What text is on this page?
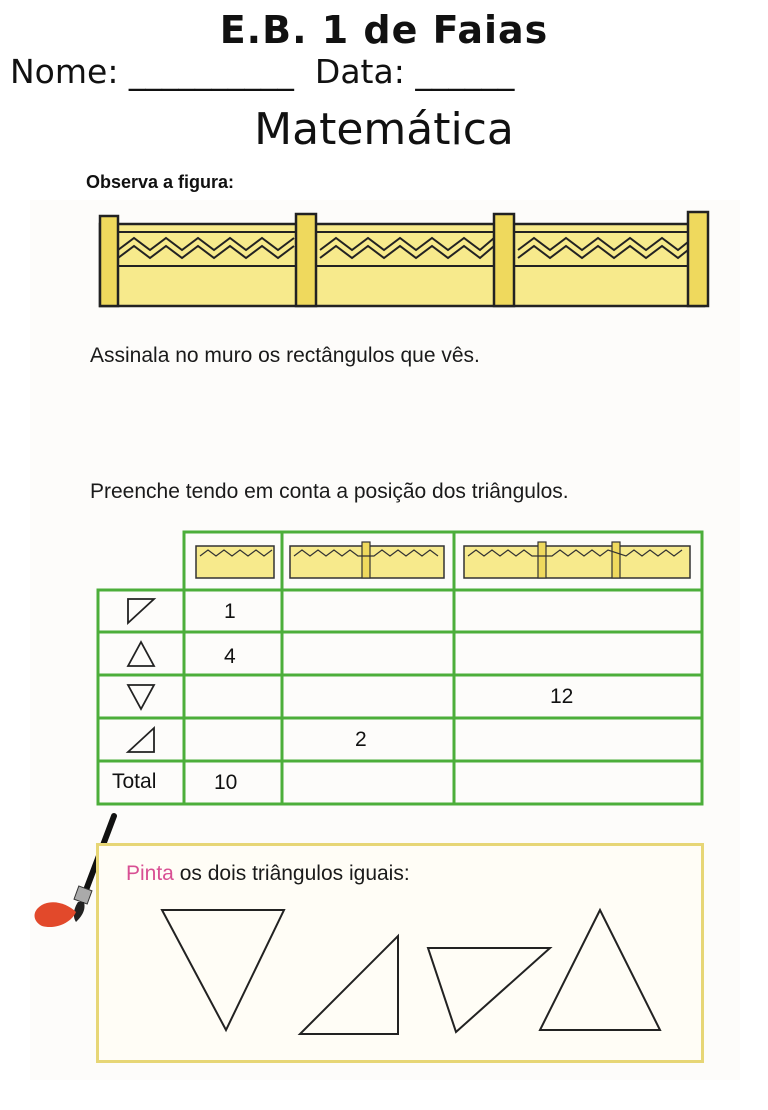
E.B. 1 de Faias
Nome: __________  Data: ______
Matemática
Observa a figura:
Assinala no muro os rectângulos que vês.
Preenche tendo em conta a posição dos triângulos.
1
4
12
2
Total	10
Pinta os dois triângulos iguais:
